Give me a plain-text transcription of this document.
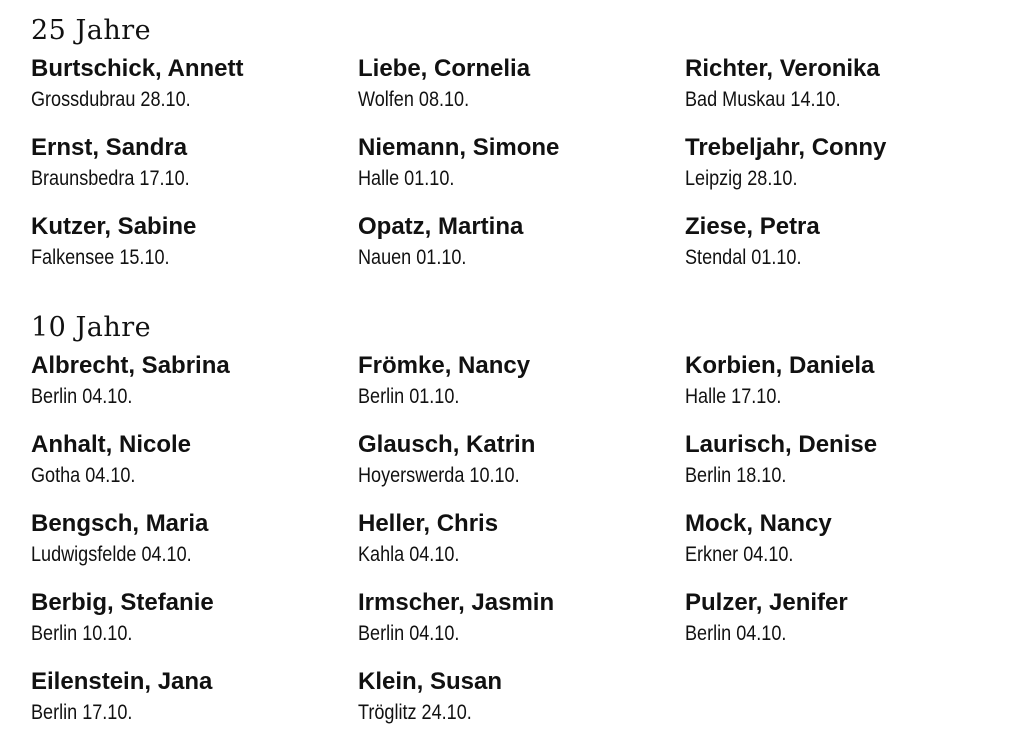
25 Jahre
Burtschick, Annett
Grossdubrau 28.10.
Liebe, Cornelia
Wolfen 08.10.
Richter, Veronika
Bad Muskau 14.10.
Ernst, Sandra
Braunsbedra 17.10.
Niemann, Simone
Halle 01.10.
Trebeljahr, Conny
Leipzig 28.10.
Kutzer, Sabine
Falkensee 15.10.
Opatz, Martina
Nauen 01.10.
Ziese, Petra
Stendal 01.10.
10 Jahre
Albrecht, Sabrina
Berlin 04.10.
Frömke, Nancy
Berlin 01.10.
Korbien, Daniela
Halle 17.10.
Anhalt, Nicole
Gotha 04.10.
Glausch, Katrin
Hoyerswerda 10.10.
Laurisch, Denise
Berlin 18.10.
Bengsch, Maria
Ludwigsfelde 04.10.
Heller, Chris
Kahla 04.10.
Mock, Nancy
Erkner 04.10.
Berbig, Stefanie
Berlin 10.10.
Irmscher, Jasmin
Berlin 04.10.
Pulzer, Jenifer
Berlin 04.10.
Eilenstein, Jana
Berlin 17.10.
Klein, Susan
Tröglitz 24.10.
